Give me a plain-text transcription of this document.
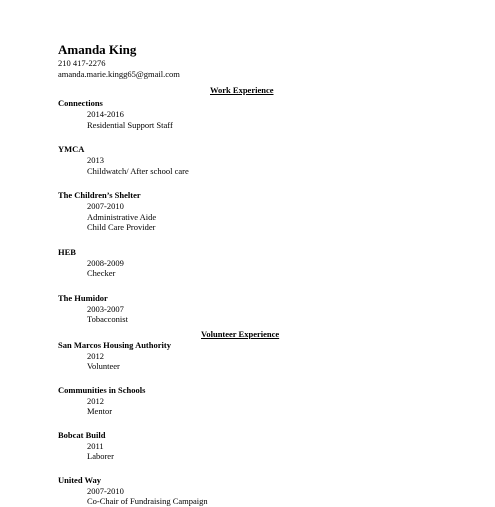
Amanda King
210 417-2276
amanda.marie.kingg65@gmail.com
Work Experience
Connections
2014-2016
Residential Support Staff
YMCA
2013
Childwatch/ After school care
The Children’s Shelter
2007-2010
Administrative Aide
Child Care Provider
HEB
2008-2009
Checker
The Humidor
2003-2007
Tobacconist
Volunteer Experience
San Marcos Housing Authority
2012
Volunteer
Communities in Schools
2012
Mentor
Bobcat Build
2011
Laborer
United Way
2007-2010
Co-Chair of Fundraising Campaign
